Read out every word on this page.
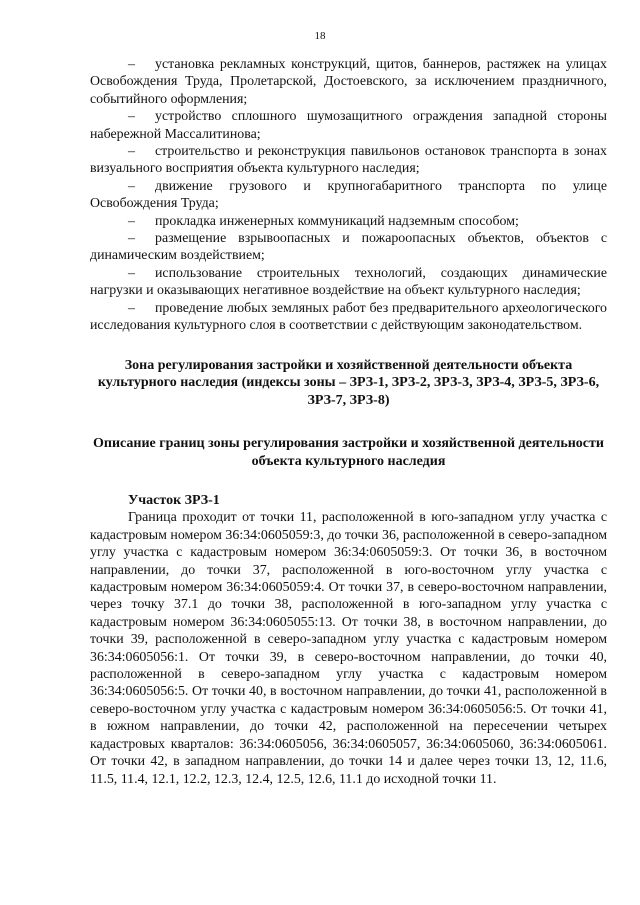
18

– установка рекламных конструкций, щитов, баннеров, растяжек на улицах Освобождения Труда, Пролетарской, Достоевского, за исключением праздничного, событийного оформления;

– устройство сплошного шумозащитного ограждения западной стороны набережной Массалитинова;

– строительство и реконструкция павильонов остановок транспорта в зонах визуального восприятия объекта культурного наследия;

– движение грузового и крупногабаритного транспорта по улице Освобождения Труда;

– прокладка инженерных коммуникаций надземным способом;

– размещение взрывоопасных и пожароопасных объектов, объектов с динамическим воздействием;

– использование строительных технологий, создающих динамические нагрузки и оказывающих негативное воздействие на объект культурного наследия;

– проведение любых земляных работ без предварительного археологического исследования культурного слоя в соответствии с действующим законодательством.

Зона регулирования застройки и хозяйственной деятельности объекта культурного наследия (индексы зоны – ЗРЗ-1, ЗРЗ-2, ЗРЗ-3, ЗРЗ-4, ЗРЗ-5, ЗРЗ-6, ЗРЗ-7, ЗРЗ-8)
Описание границ зоны регулирования застройки и хозяйственной деятельности объекта культурного наследия
Участок ЗРЗ-1

Граница проходит от точки 11, расположенной в юго-западном углу участка с кадастровым номером 36:34:0605059:3, до точки 36, расположенной в северо-западном углу участка с кадастровым номером 36:34:0605059:3. От точки 36, в восточном направлении, до точки 37, расположенной в юго-восточном углу участка с кадастровым номером 36:34:0605059:4. От точки 37, в северо-восточном направлении, через точку 37.1 до точки 38, расположенной в юго-западном углу участка с кадастровым номером 36:34:0605055:13. От точки 38, в восточном направлении, до точки 39, расположенной в северо-западном углу участка с кадастровым номером 36:34:0605056:1. От точки 39, в северо-восточном направлении, до точки 40, расположенной в северо-западном углу участка с кадастровым номером 36:34:0605056:5. От точки 40, в восточном направлении, до точки 41, расположенной в северо-восточном углу участка с кадастровым номером 36:34:0605056:5. От точки 41, в южном направлении, до точки 42, расположенной на пересечении четырех кадастровых кварталов: 36:34:0605056, 36:34:0605057, 36:34:0605060, 36:34:0605061. От точки 42, в западном направлении, до точки 14 и далее через точки 13, 12, 11.6, 11.5, 11.4, 12.1, 12.2, 12.3, 12.4, 12.5, 12.6, 11.1 до исходной точки 11.
